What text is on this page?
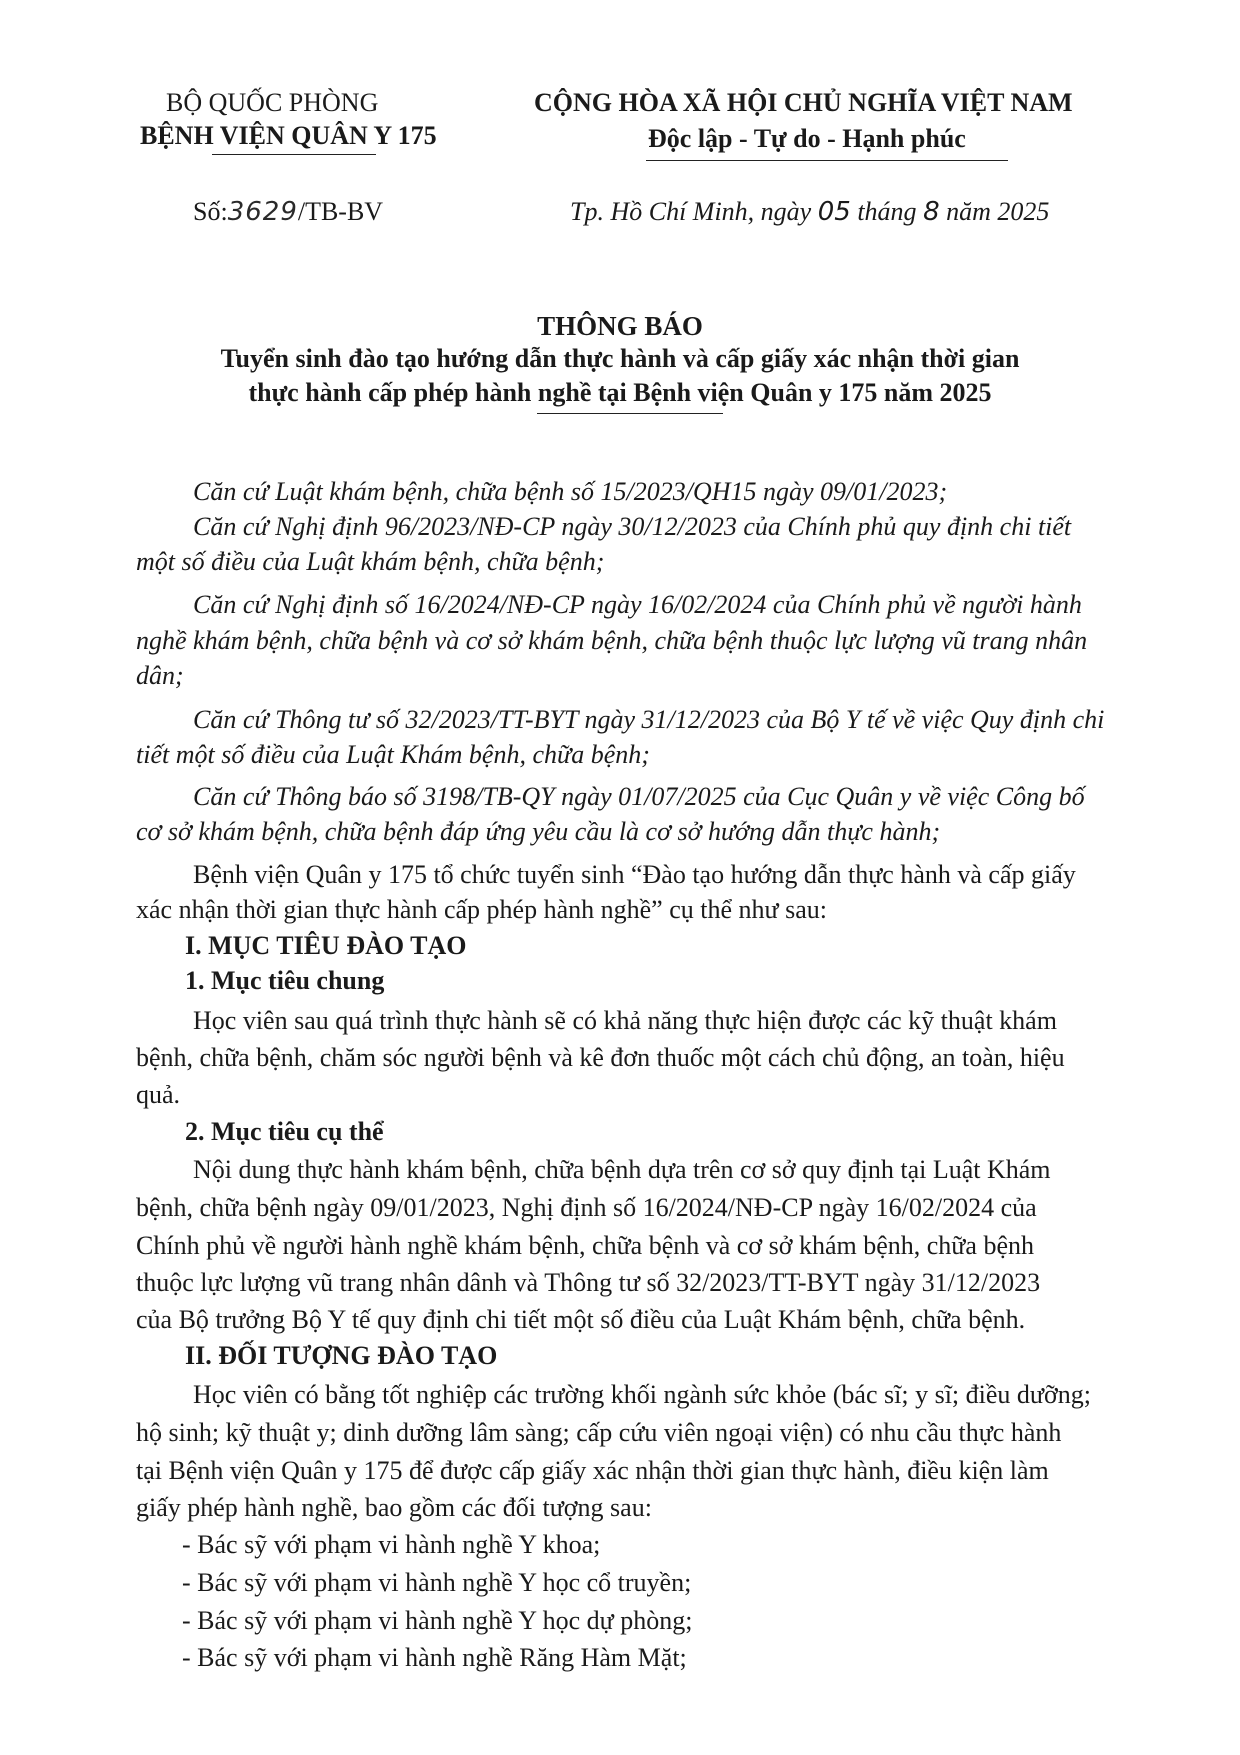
BỘ QUỐC PHÒNG
BỆNH VIỆN QUÂN Y 175
CỘNG HÒA XÃ HỘI CHỦ NGHĨA VIỆT NAM
Độc lập - Tự do - Hạnh phúc
Số:3629/TB-BV	Tp. Hồ Chí Minh, ngày 05 tháng 8 năm 2025
THÔNG BÁO
Tuyển sinh đào tạo hướng dẫn thực hành và cấp giấy xác nhận thời gian
thực hành cấp phép hành nghề tại Bệnh viện Quân y 175 năm 2025
Căn cứ Luật khám bệnh, chữa bệnh số 15/2023/QH15 ngày 09/01/2023;
Căn cứ Nghị định 96/2023/NĐ-CP ngày 30/12/2023 của Chính phủ quy định chi tiết
một số điều của Luật khám bệnh, chữa bệnh;
Căn cứ Nghị định số 16/2024/NĐ-CP ngày 16/02/2024 của Chính phủ về người hành
nghề khám bệnh, chữa bệnh và cơ sở khám bệnh, chữa bệnh thuộc lực lượng vũ trang nhân
dân;
Căn cứ Thông tư số 32/2023/TT-BYT ngày 31/12/2023 của Bộ Y tế về việc Quy định chi
tiết một số điều của Luật Khám bệnh, chữa bệnh;
Căn cứ Thông báo số 3198/TB-QY ngày 01/07/2025 của Cục Quân y về việc Công bố
cơ sở khám bệnh, chữa bệnh đáp ứng yêu cầu là cơ sở hướng dẫn thực hành;
Bệnh viện Quân y 175 tổ chức tuyển sinh “Đào tạo hướng dẫn thực hành và cấp giấy
xác nhận thời gian thực hành cấp phép hành nghề” cụ thể như sau:
I. MỤC TIÊU ĐÀO TẠO
1. Mục tiêu chung
Học viên sau quá trình thực hành sẽ có khả năng thực hiện được các kỹ thuật khám
bệnh, chữa bệnh, chăm sóc người bệnh và kê đơn thuốc một cách chủ động, an toàn, hiệu
quả.
2. Mục tiêu cụ thể
Nội dung thực hành khám bệnh, chữa bệnh dựa trên cơ sở quy định tại Luật Khám
bệnh, chữa bệnh ngày 09/01/2023, Nghị định số 16/2024/NĐ-CP ngày 16/02/2024 của
Chính phủ về người hành nghề khám bệnh, chữa bệnh và cơ sở khám bệnh, chữa bệnh
thuộc lực lượng vũ trang nhân dânh và Thông tư số 32/2023/TT-BYT ngày 31/12/2023
của Bộ trưởng Bộ Y tế quy định chi tiết một số điều của Luật Khám bệnh, chữa bệnh.
II. ĐỐI TƯỢNG ĐÀO TẠO
Học viên có bằng tốt nghiệp các trường khối ngành sức khỏe (bác sĩ; y sĩ; điều dưỡng;
hộ sinh; kỹ thuật y; dinh dưỡng lâm sàng; cấp cứu viên ngoại viện) có nhu cầu thực hành
tại Bệnh viện Quân y 175 để được cấp giấy xác nhận thời gian thực hành, điều kiện làm
giấy phép hành nghề, bao gồm các đối tượng sau:
- Bác sỹ với phạm vi hành nghề Y khoa;
- Bác sỹ với phạm vi hành nghề Y học cổ truyền;
- Bác sỹ với phạm vi hành nghề Y học dự phòng;
- Bác sỹ với phạm vi hành nghề Răng Hàm Mặt;
